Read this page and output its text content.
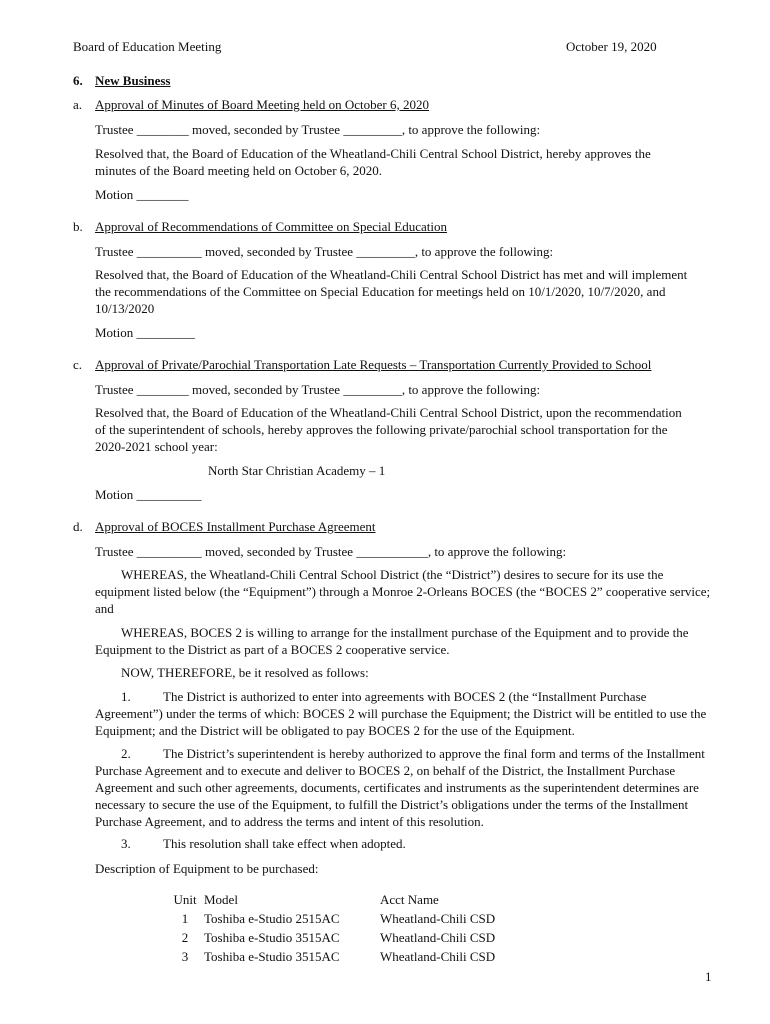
Board of Education Meeting	October 19, 2020
6. New Business
a. Approval of Minutes of Board Meeting held on October 6, 2020
Trustee ________ moved, seconded by Trustee _________, to approve the following:
Resolved that, the Board of Education of the Wheatland-Chili Central School District, hereby approves the minutes of the Board meeting held on October 6, 2020.
Motion ________
b. Approval of Recommendations of Committee on Special Education
Trustee __________ moved, seconded by Trustee _________, to approve the following:
Resolved that, the Board of Education of the Wheatland-Chili Central School District has met and will implement the recommendations of the Committee on Special Education for meetings held on 10/1/2020, 10/7/2020, and 10/13/2020
Motion _________
c. Approval of Private/Parochial Transportation Late Requests – Transportation Currently Provided to School
Trustee ________ moved, seconded by Trustee _________, to approve the following:
Resolved that, the Board of Education of the Wheatland-Chili Central School District, upon the recommendation of the superintendent of schools, hereby approves the following private/parochial school transportation for the 2020-2021 school year:
North Star Christian Academy – 1
Motion __________
d. Approval of BOCES Installment Purchase Agreement
Trustee __________ moved, seconded by Trustee ___________, to approve the following:
WHEREAS, the Wheatland-Chili Central School District (the “District”) desires to secure for its use the equipment listed below (the “Equipment”) through a Monroe 2-Orleans BOCES (the “BOCES 2” cooperative service; and
WHEREAS, BOCES 2 is willing to arrange for the installment purchase of the Equipment and to provide the Equipment to the District as part of a BOCES 2 cooperative service.
NOW, THEREFORE, be it resolved as follows:
1. The District is authorized to enter into agreements with BOCES 2 (the “Installment Purchase Agreement”) under the terms of which: BOCES 2 will purchase the Equipment; the District will be entitled to use the Equipment; and the District will be obligated to pay BOCES 2 for the use of the Equipment.
2. The District’s superintendent is hereby authorized to approve the final form and terms of the Installment Purchase Agreement and to execute and deliver to BOCES 2, on behalf of the District, the Installment Purchase Agreement and such other agreements, documents, certificates and instruments as the superintendent determines are necessary to secure the use of the Equipment, to fulfill the District’s obligations under the terms of the Installment Purchase Agreement, and to address the terms and intent of this resolution.
3. This resolution shall take effect when adopted.
Description of Equipment to be purchased:
Unit	Model	Acct Name
1	Toshiba e-Studio 2515AC	Wheatland-Chili CSD
2	Toshiba e-Studio 3515AC	Wheatland-Chili CSD
3	Toshiba e-Studio 3515AC	Wheatland-Chili CSD
1
